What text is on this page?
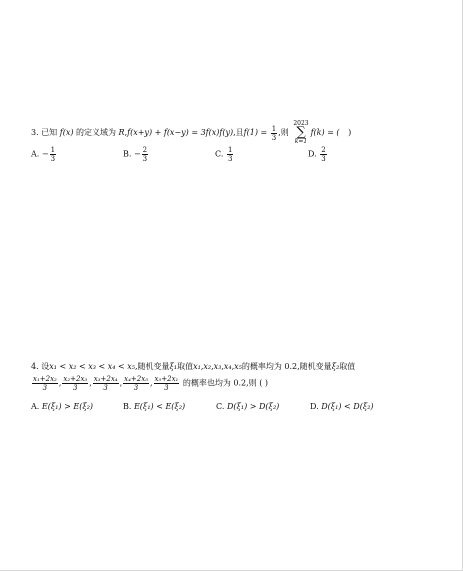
3. 已知 f(x) 的定义域为 R,f(x+y) + f(x−y) = 3f(x)f(y),且$f(1) = \frac{1}{3}$ ,则 2023
∑
k=1f(k) = ( )
A. − $\frac{1}{3}$	B. − $\frac{2}{3}$	C. $\frac{1}{3}$	D. $\frac{2}{3}$
4. 设x₁ < x₂ < x₃ < x₄ < x₅,随机变量ξ₁取值x₁,x₂,x₃,x₄,x₅的概率均为 0.2,随机变量ξ₂取值
$\frac{\text{x₁+2x₂}}{3}$ , $\frac{\text{x₂+2x₃}}{3}$ , $\frac{\text{x₃+2x₄}}{3}$ , $\frac{\text{x₄+2x₅}}{3}$ , $\frac{\text{x₅+2x₁}}{3}$ 的概率也均为 0.2,则 ( )
A. E(ξ₁) > E(ξ₂)	B. E(ξ₁) < E(ξ₂)	C. D(ξ₁) > D(ξ₂)	D. D(ξ₁) < D(ξ₂)
